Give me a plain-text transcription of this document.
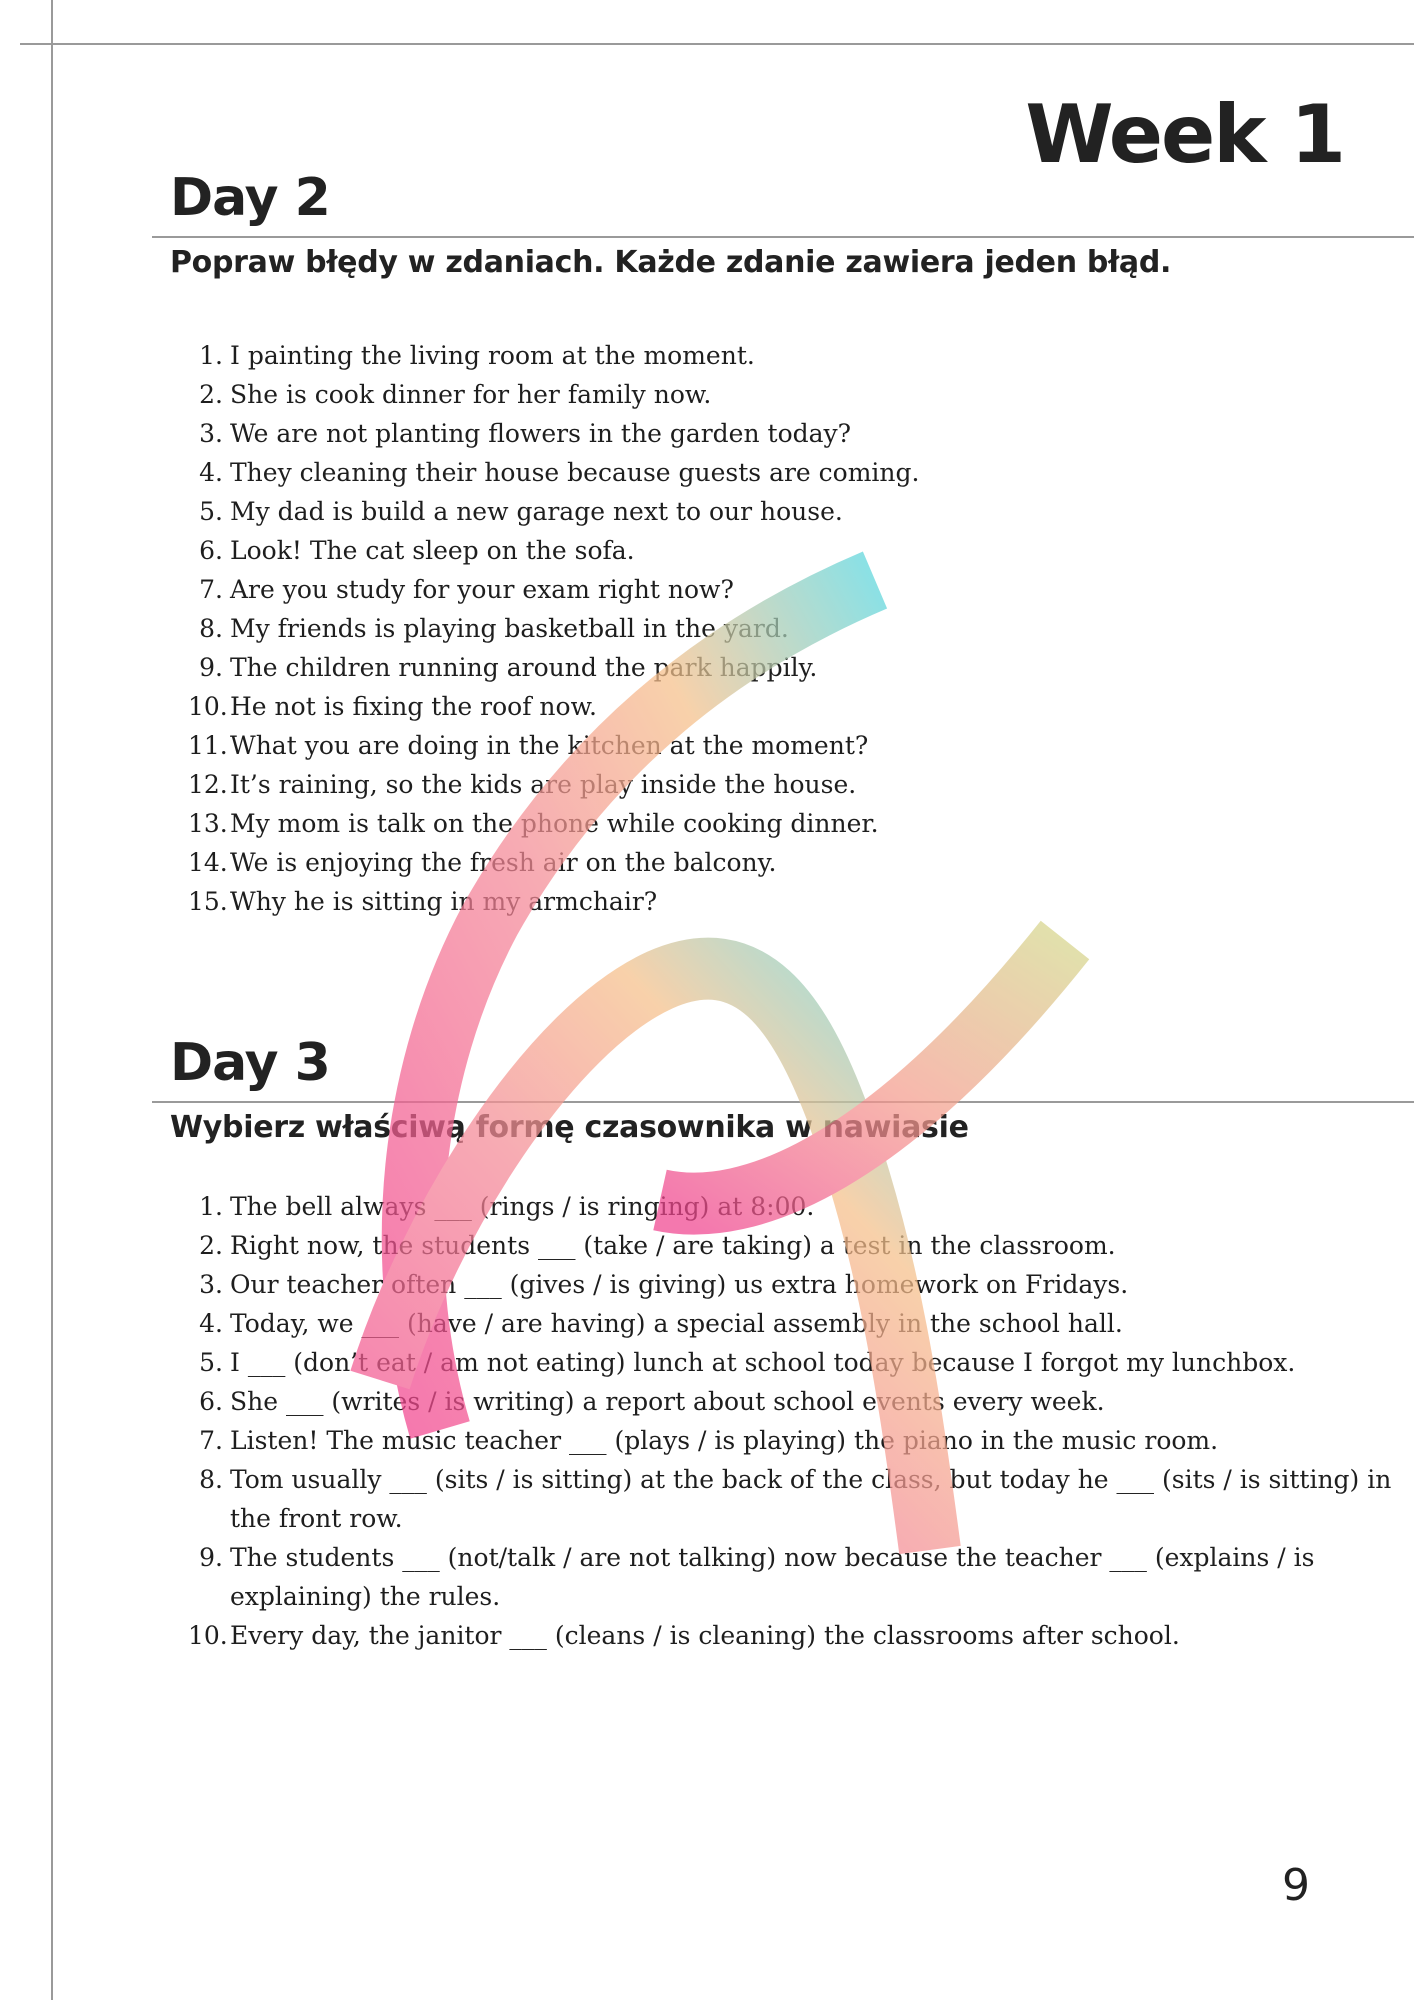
Week 1
Day 2

Popraw błędy w zdaniach. Każde zdanie zawiera jeden błąd.

1. I painting the living room at the moment.
2. She is cook dinner for her family now.
3. We are not planting flowers in the garden today?
4. They cleaning their house because guests are coming.
5. My dad is build a new garage next to our house.
6. Look! The cat sleep on the sofa.
7. Are you study for your exam right now?
8. My friends is playing basketball in the yard.
9. The children running around the park happily.
10. He not is fixing the roof now.
11. What you are doing in the kitchen at the moment?
12. It’s raining, so the kids are play inside the house.
13. My mom is talk on the phone while cooking dinner.
14. We is enjoying the fresh air on the balcony.
15. Why he is sitting in my armchair?
Day 3

Wybierz właściwą formę czasownika w nawiasie

1. The bell always ___ (rings / is ringing) at 8:00.
2. Right now, the students ___ (take / are taking) a test in the classroom.
3. Our teacher often ___ (gives / is giving) us extra homework on Fridays.
4. Today, we ___ (have / are having) a special assembly in the school hall.
5. I ___ (don’t eat / am not eating) lunch at school today because I forgot my lunchbox.
6. She ___ (writes / is writing) a report about school events every week.
7. Listen! The music teacher ___ (plays / is playing) the piano in the music room.
8. Tom usually ___ (sits / is sitting) at the back of the class, but today he ___ (sits / is sitting) in the front row.
9. The students ___ (not/talk / are not talking) now because the teacher ___ (explains / is explaining) the rules.
10. Every day, the janitor ___ (cleans / is cleaning) the classrooms after school.

9
